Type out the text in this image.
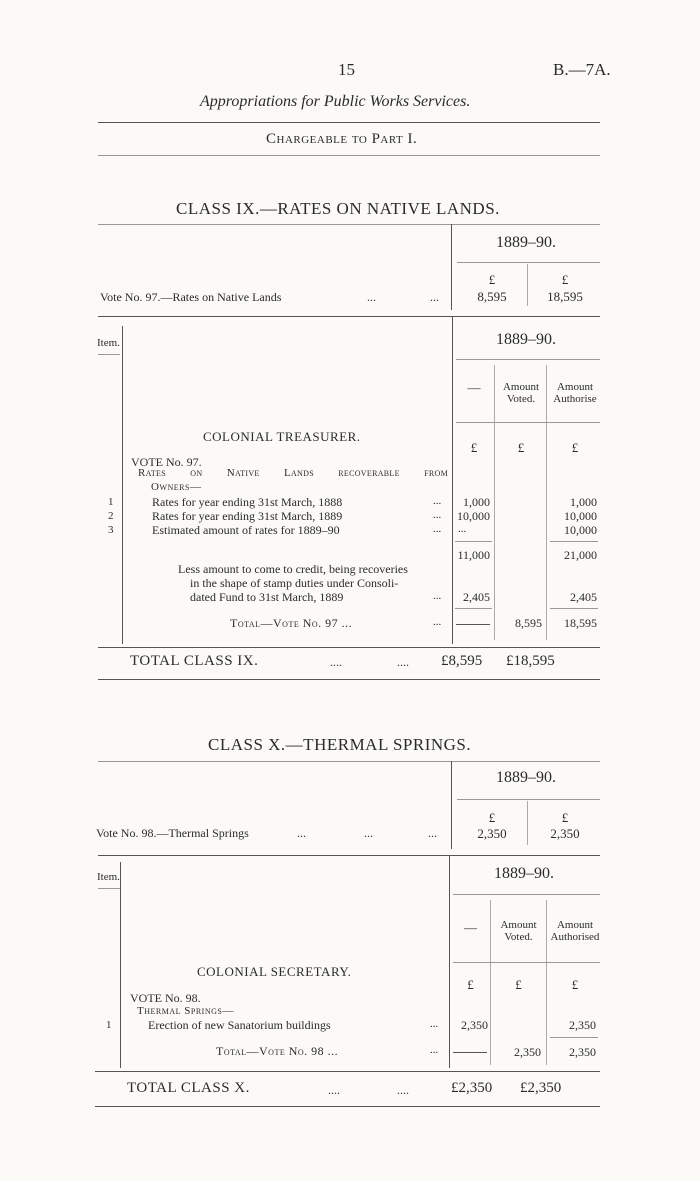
15	B.—7A.
Appropriations for Public Works Services.
Chargeable to Part I.
CLASS IX.—RATES ON NATIVE LANDS.
1889–90.
£	£
Vote No. 97.—Rates on Native Lands	...	...	8,595	18,595
Item.	1889–90.
—	Amount
Voted.
Amount
Authorise
COLONIAL TREASURER.
£	£	£
VOTE No. 97.
Rates on Native Lands recoverable from
Owners—
1	Rates for year ending 31st March, 1888	...	1,000	1,000
2	Rates for year ending 31st March, 1889	...	10,000	10,000
3	Estimated amount of rates for 1889–90	... ...	10,000
11,000	21,000
Less amount to come to credit, being recoveries
in the shape of stamp duties under Consoli-
dated Fund to 31st March, 1889	...	2,405	2,405
Total—Vote No. 97 ...	...	8,595	18,595
TOTAL CLASS IX.	....	.... £8,595 £18,595
CLASS X.—THERMAL SPRINGS.
1889–90.
£	£
Vote No. 98.—Thermal Springs	...	...	...	2,350	2,350
Item.	1889–90.
—	Amount
Voted.
Amount
Authorised
COLONIAL SECRETARY.
£	£	£
VOTE No. 98.
Thermal Springs—
1	Erection of new Sanatorium buildings	...	2,350	2,350
Total—Vote No. 98 ...	...	2,350	2,350
TOTAL CLASS X.	....	....	£2,350 £2,350
